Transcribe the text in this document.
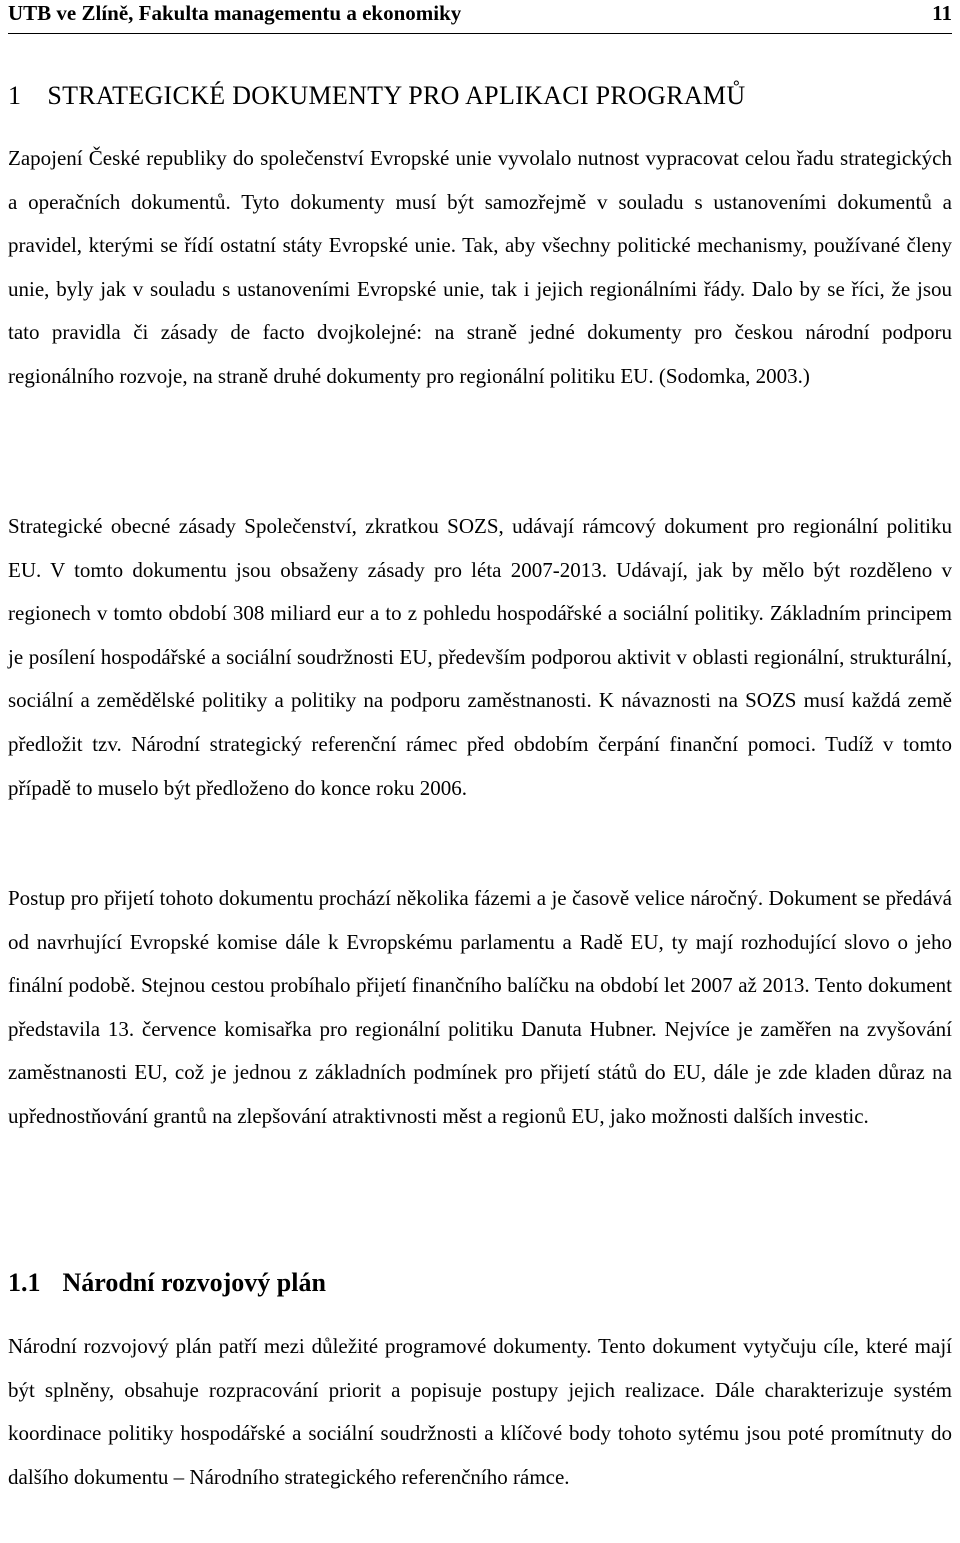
UTB ve Zlíně, Fakulta managementu a ekonomiky	11
1 STRATEGICKÉ DOKUMENTY PRO APLIKACI PROGRAMŮ

Zapojení České republiky do společenství Evropské unie vyvolalo nutnost vypracovat celou řadu strategických a operačních dokumentů. Tyto dokumenty musí být samozřejmě v souladu s ustanoveními dokumentů a pravidel, kterými se řídí ostatní státy Evropské unie. Tak, aby všechny politické mechanismy, používané členy unie, byly jak v souladu s ustanoveními Evropské unie, tak i jejich regionálními řády. Dalo by se říci, že jsou tato pravidla či zásady de facto dvojkolejné: na straně jedné dokumenty pro českou národní podporu regionálního rozvoje, na straně druhé dokumenty pro regionální politiku EU. (Sodomka, 2003.)

Strategické obecné zásady Společenství, zkratkou SOZS, udávají rámcový dokument pro regionální politiku EU. V tomto dokumentu jsou obsaženy zásady pro léta 2007-2013. Udávají, jak by mělo být rozděleno v regionech v tomto období 308 miliard eur a to z pohledu hospodářské a sociální politiky. Základním principem je posílení hospodářské a sociální soudržnosti EU, především podporou aktivit v oblasti regionální, strukturální, sociální a zemědělské politiky a politiky na podporu zaměstnanosti. K návaznosti na SOZS musí každá země předložit tzv. Národní strategický referenční rámec před obdobím čerpání finanční pomoci. Tudíž v tomto případě to muselo být předloženo do konce roku 2006.

Postup pro přijetí tohoto dokumentu prochází několika fázemi a je časově velice náročný. Dokument se předává od navrhující Evropské komise dále k Evropskému parlamentu a Radě EU, ty mají rozhodující slovo o jeho finální podobě. Stejnou cestou probíhalo přijetí finančního balíčku na období let 2007 až 2013. Tento dokument představila 13. července komisařka pro regionální politiku Danuta Hubner. Nejvíce je zaměřen na zvyšování zaměstnanosti EU, což je jednou z základních podmínek pro přijetí států do EU, dále je zde kladen důraz na upřednostňování grantů na zlepšování atraktivnosti měst a regionů EU, jako možnosti dalších investic.

1.1 Národní rozvojový plán

Národní rozvojový plán patří mezi důležité programové dokumenty. Tento dokument vytyčuju cíle, které mají být splněny, obsahuje rozpracování priorit a popisuje postupy jejich realizace. Dále charakterizuje systém koordinace politiky hospodářské a sociální soudržnosti a klíčové body tohoto sytému jsou poté promítnuty do dalšího dokumentu – Národního strategického referenčního rámce.
